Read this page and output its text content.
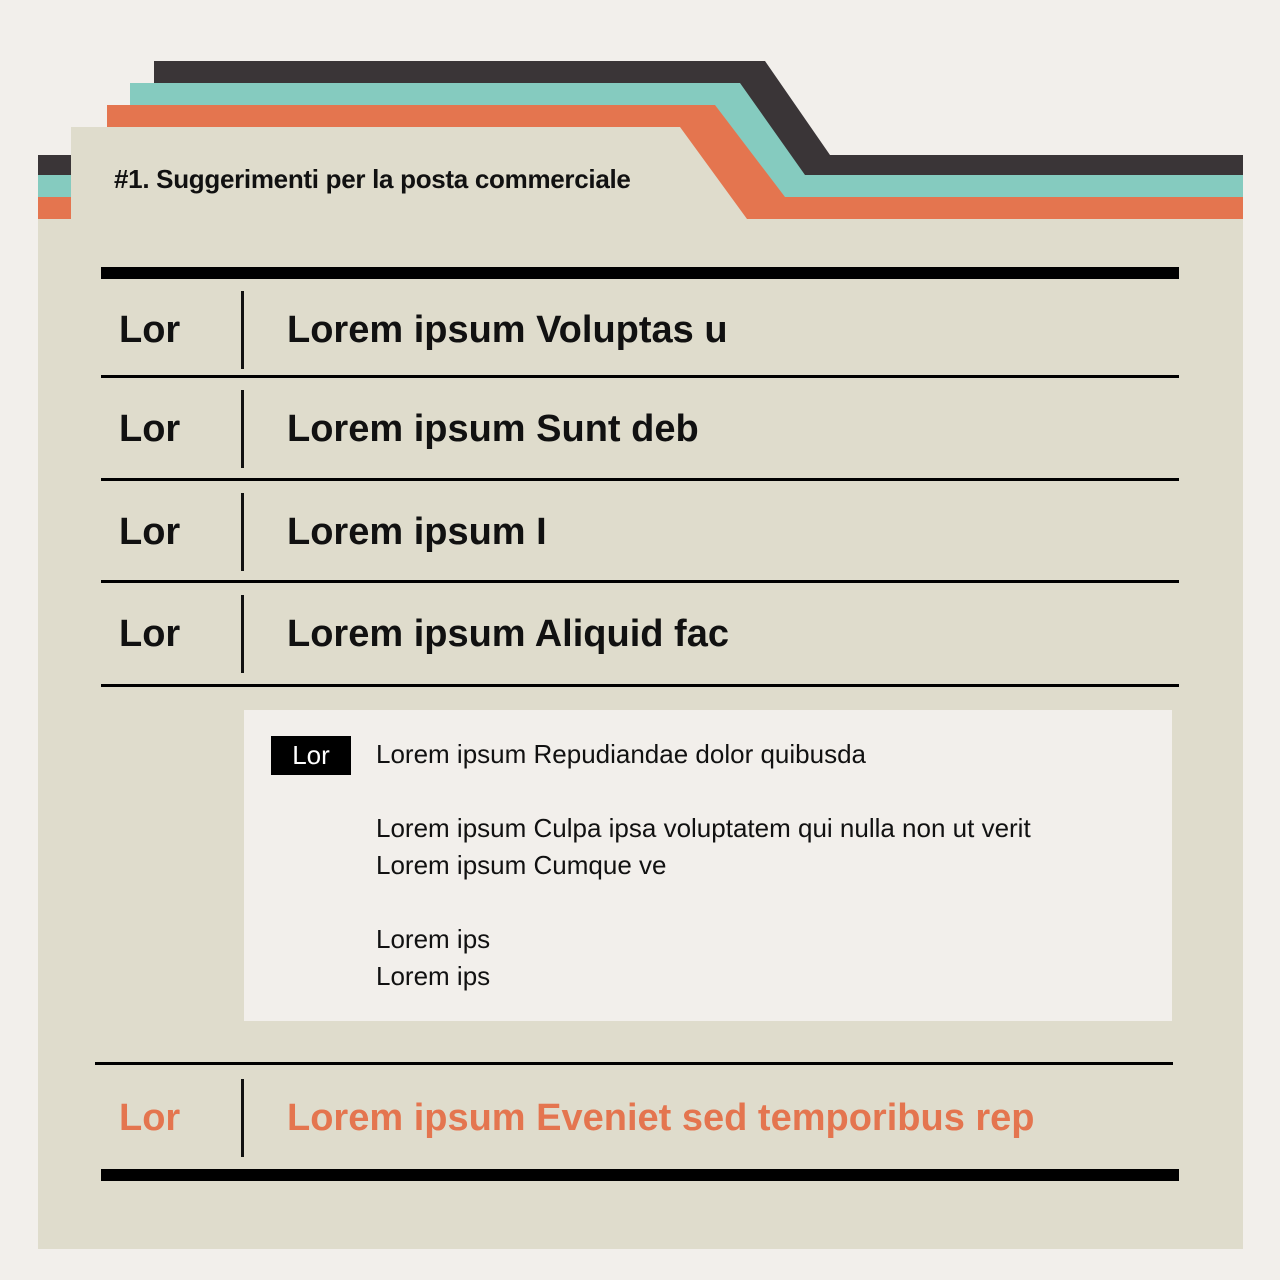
#1. Suggerimenti per la posta commerciale
Lor	Lorem ipsum Voluptas u
Lor	Lorem ipsum Sunt deb
Lor	Lorem ipsum I
Lor	Lorem ipsum Aliquid fac
Lor	Lorem ipsum Repudiandae dolor quibusda
Lorem ipsum Culpa ipsa voluptatem qui nulla non ut verit
Lorem ipsum Cumque ve
Lorem ips
Lorem ips
Lor	Lorem ipsum Eveniet sed temporibus rep
